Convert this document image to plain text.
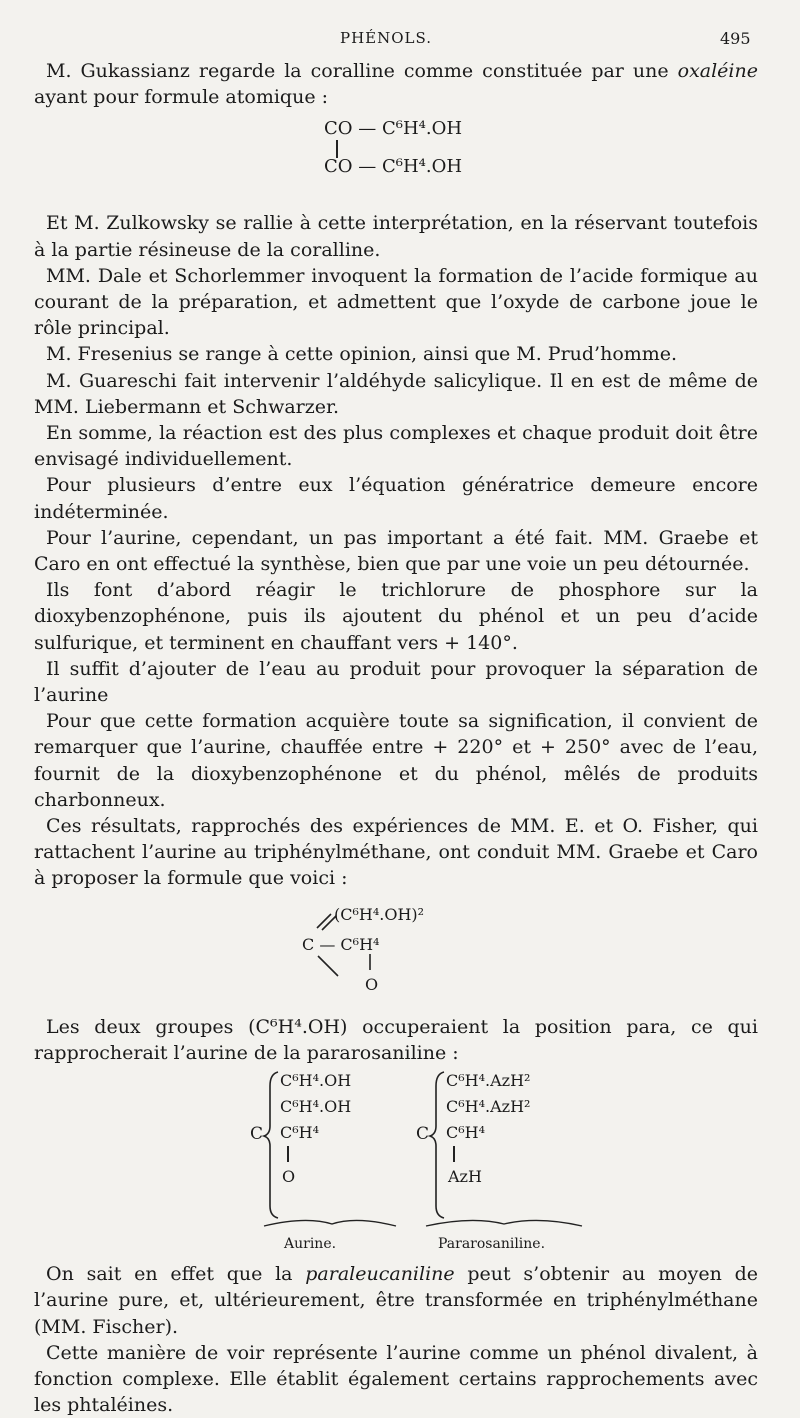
PHÉNOLS.	495

M. Gukassianz regarde la coralline comme constituée par une oxaléine ayant pour formule atomique :

CO — C⁶H⁴.OH
CO — C⁶H⁴.OH

Et M. Zulkowsky se rallie à cette interprétation, en la réservant toutefois à la partie résineuse de la coralline.

MM. Dale et Schorlemmer invoquent la formation de l’acide formique au courant de la préparation, et admettent que l’oxyde de carbone joue le rôle principal.

M. Fresenius se range à cette opinion, ainsi que M. Prud’homme.

M. Guareschi fait intervenir l’aldéhyde salicylique. Il en est de même de MM. Liebermann et Schwarzer.

En somme, la réaction est des plus complexes et chaque produit doit être envisagé individuellement.

Pour plusieurs d’entre eux l’équation génératrice demeure encore indéterminée.

Pour l’aurine, cependant, un pas important a été fait. MM. Graebe et Caro en ont effectué la synthèse, bien que par une voie un peu détournée.

Ils font d’abord réagir le trichlorure de phosphore sur la dioxybenzophénone, puis ils ajoutent du phénol et un peu d’acide sulfurique, et terminent en chauffant vers + 140°.

Il suffit d’ajouter de l’eau au produit pour provoquer la séparation de l’aurine

Pour que cette formation acquière toute sa signification, il convient de remarquer que l’aurine, chauffée entre + 220° et + 250° avec de l’eau, fournit de la dioxybenzophénone et du phénol, mêlés de produits charbonneux.

Ces résultats, rapprochés des expériences de MM. E. et O. Fisher, qui rattachent l’aurine au triphénylméthane, ont conduit MM. Graebe et Caro à proposer la formule que voici :

(C⁶H⁴.OH)²
C — C⁶H⁴
O

Les deux groupes (C⁶H⁴.OH) occuperaient la position para, ce qui rapprocherait l’aurine de la pararosaniline :

C
C⁶H⁴.OH
C⁶H⁴.OH
C⁶H⁴
O
Aurine.
C
C⁶H⁴.AzH²
C⁶H⁴.AzH²
C⁶H⁴
AzH
Pararosaniline.

On sait en effet que la paraleucaniline peut s’obtenir au moyen de l’aurine pure, et, ultérieurement, être transformée en triphénylméthane (MM. Fischer).

Cette manière de voir représente l’aurine comme un phénol divalent, à fonction complexe. Elle établit également certains rapprochements avec les phtaléines.
